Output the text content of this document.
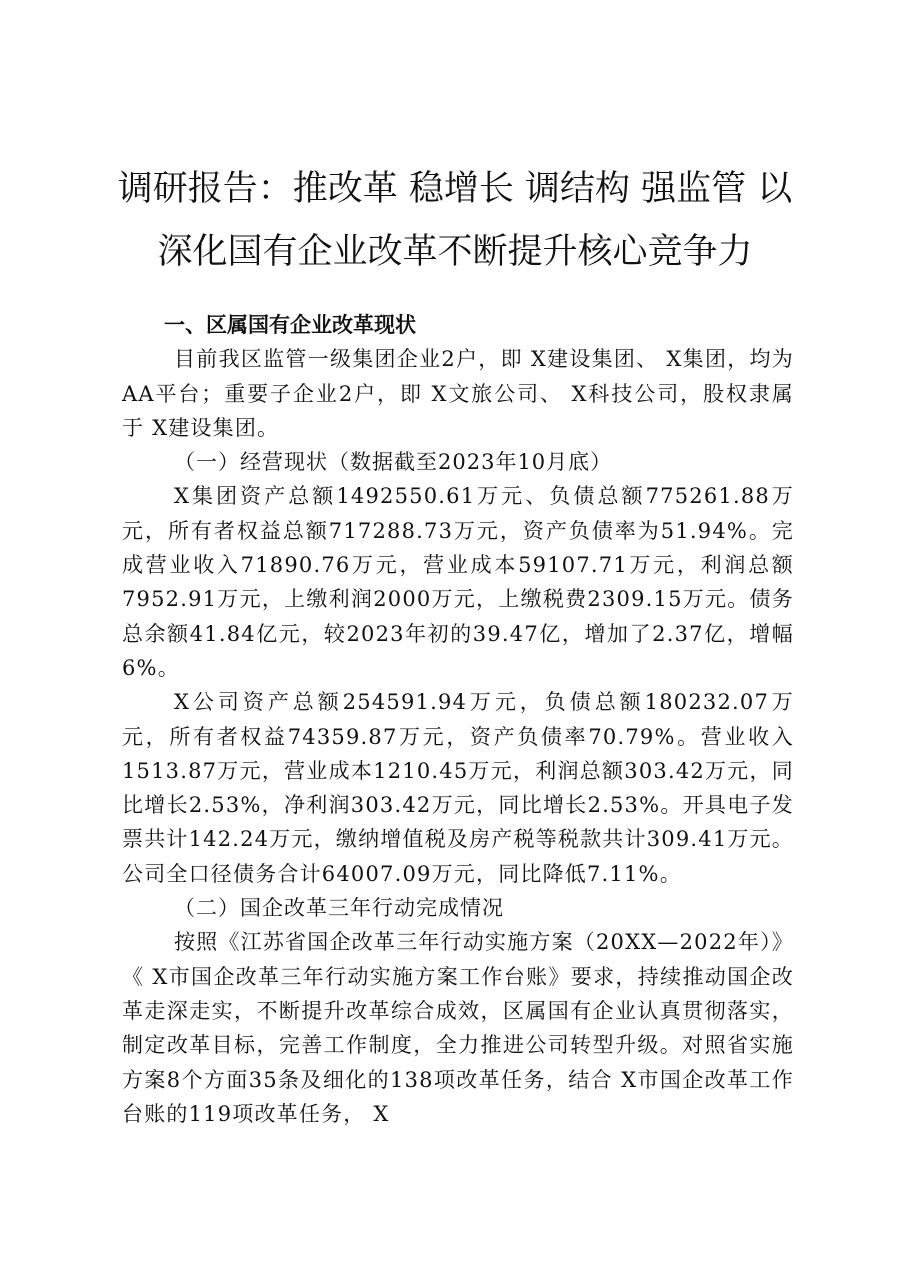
调研报告：推改革 稳增长 调结构 强监管 以
深化国有企业改革不断提升核心竞争力

一、区属国有企业改革现状

目前我区监管一级集团企业2户，即 X建设集团、 X集团，均为AA平台；重要子企业2户，即 X文旅公司、 X科技公司，股权隶属于 X建设集团。

（一）经营现状（数据截至2023年10月底）

X集团资产总额1492550.61万元、负债总额775261.88万元，所有者权益总额717288.73万元，资产负债率为51.94%。完成营业收入71890.76万元，营业成本59107.71万元，利润总额7952.91万元，上缴利润2000万元，上缴税费2309.15万元。债务总余额41.84亿元，较2023年初的39.47亿，增加了2.37亿，增幅6%。

X公司资产总额254591.94万元，负债总额180232.07万元，所有者权益74359.87万元，资产负债率70.79%。营业收入1513.87万元，营业成本1210.45万元，利润总额303.42万元，同比增长2.53%，净利润303.42万元，同比增长2.53%。开具电子发票共计142.24万元，缴纳增值税及房产税等税款共计309.41万元。公司全口径债务合计64007.09万元，同比降低7.11%。

（二）国企改革三年行动完成情况

按照《江苏省国企改革三年行动实施方案（20XX—2022年）》《 X市国企改革三年行动实施方案工作台账》要求，持续推动国企改革走深走实，不断提升改革综合成效，区属国有企业认真贯彻落实，制定改革目标，完善工作制度，全力推进公司转型升级。对照省实施方案8个方面35条及细化的138项改革任务，结合 X市国企改革工作台账的119项改革任务， X
